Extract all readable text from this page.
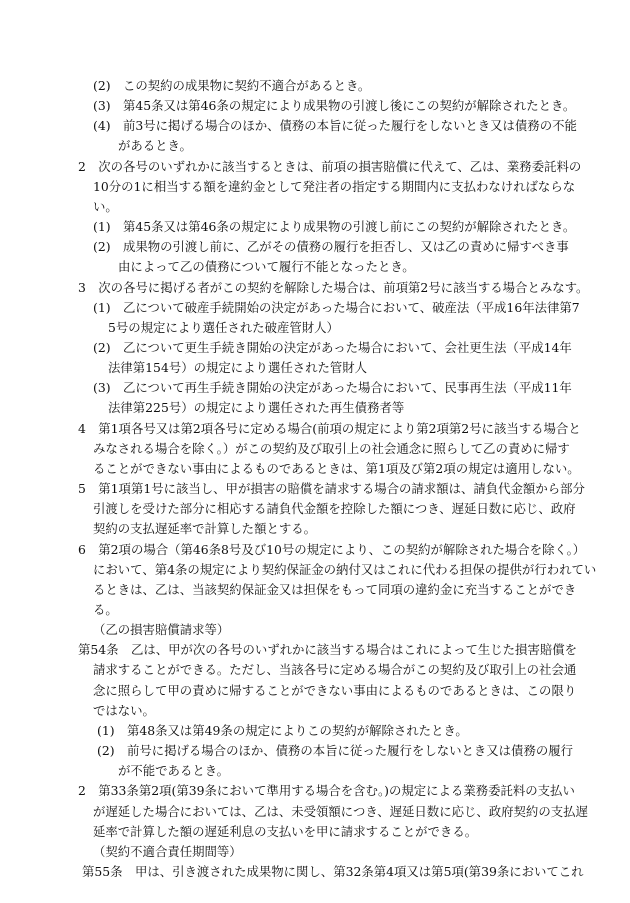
(2)　この契約の成果物に契約不適合があるとき。
(3)　第45条又は第46条の規定により成果物の引渡し後にこの契約が解除されたとき。
(4)　前3号に掲げる場合のほか、債務の本旨に従った履行をしないとき又は債務の不能
があるとき。
2　次の各号のいずれかに該当するときは、前項の損害賠償に代えて、乙は、業務委託料の
10分の1に相当する額を違約金として発注者の指定する期間内に支払わなければならな
い。
(1)　第45条又は第46条の規定により成果物の引渡し前にこの契約が解除されたとき。
(2)　成果物の引渡し前に、乙がその債務の履行を拒否し、又は乙の責めに帰すべき事
由によって乙の債務について履行不能となったとき。
3　次の各号に掲げる者がこの契約を解除した場合は、前項第2号に該当する場合とみなす。
(1)　乙について破産手続開始の決定があった場合において、破産法（平成16年法律第7
5号の規定により選任された破産管財人）
(2)　乙について更生手続き開始の決定があった場合において、会社更生法（平成14年
法律第154号）の規定により選任された管財人
(3)　乙について再生手続き開始の決定があった場合において、民事再生法（平成11年
法律第225号）の規定により選任された再生債務者等
4　第1項各号又は第2項各号に定める場合(前項の規定により第2項第2号に該当する場合と
みなされる場合を除く。）がこの契約及び取引上の社会通念に照らして乙の責めに帰す
ることができない事由によるものであるときは、第1項及び第2項の規定は適用しない。
5　第1項第1号に該当し、甲が損害の賠償を請求する場合の請求額は、請負代金額から部分
引渡しを受けた部分に相応する請負代金額を控除した額につき、遅延日数に応じ、政府
契約の支払遅延率で計算した額とする。
6　第2項の場合（第46条8号及び10号の規定により、この契約が解除された場合を除く。）
において、第4条の規定により契約保証金の納付又はこれに代わる担保の提供が行われてい
るときは、乙は、当該契約保証金又は担保をもって同項の違約金に充当することができ
る。
（乙の損害賠償請求等）
第54条　乙は、甲が次の各号のいずれかに該当する場合はこれによって生じた損害賠償を
請求することができる。ただし、当該各号に定める場合がこの契約及び取引上の社会通
念に照らして甲の責めに帰することができない事由によるものであるときは、この限り
ではない。
(1)　第48条又は第49条の規定によりこの契約が解除されたとき。
(2)　前号に掲げる場合のほか、債務の本旨に従った履行をしないとき又は債務の履行
が不能であるとき。
2　第33条第2項(第39条において準用する場合を含む。)の規定による業務委託料の支払い
が遅延した場合においては、乙は、未受領額につき、遅延日数に応じ、政府契約の支払遅
延率で計算した額の遅延利息の支払いを甲に請求することができる。
（契約不適合責任期間等）
第55条　甲は、引き渡された成果物に関し、第32条第4項又は第5項(第39条においてこれ
